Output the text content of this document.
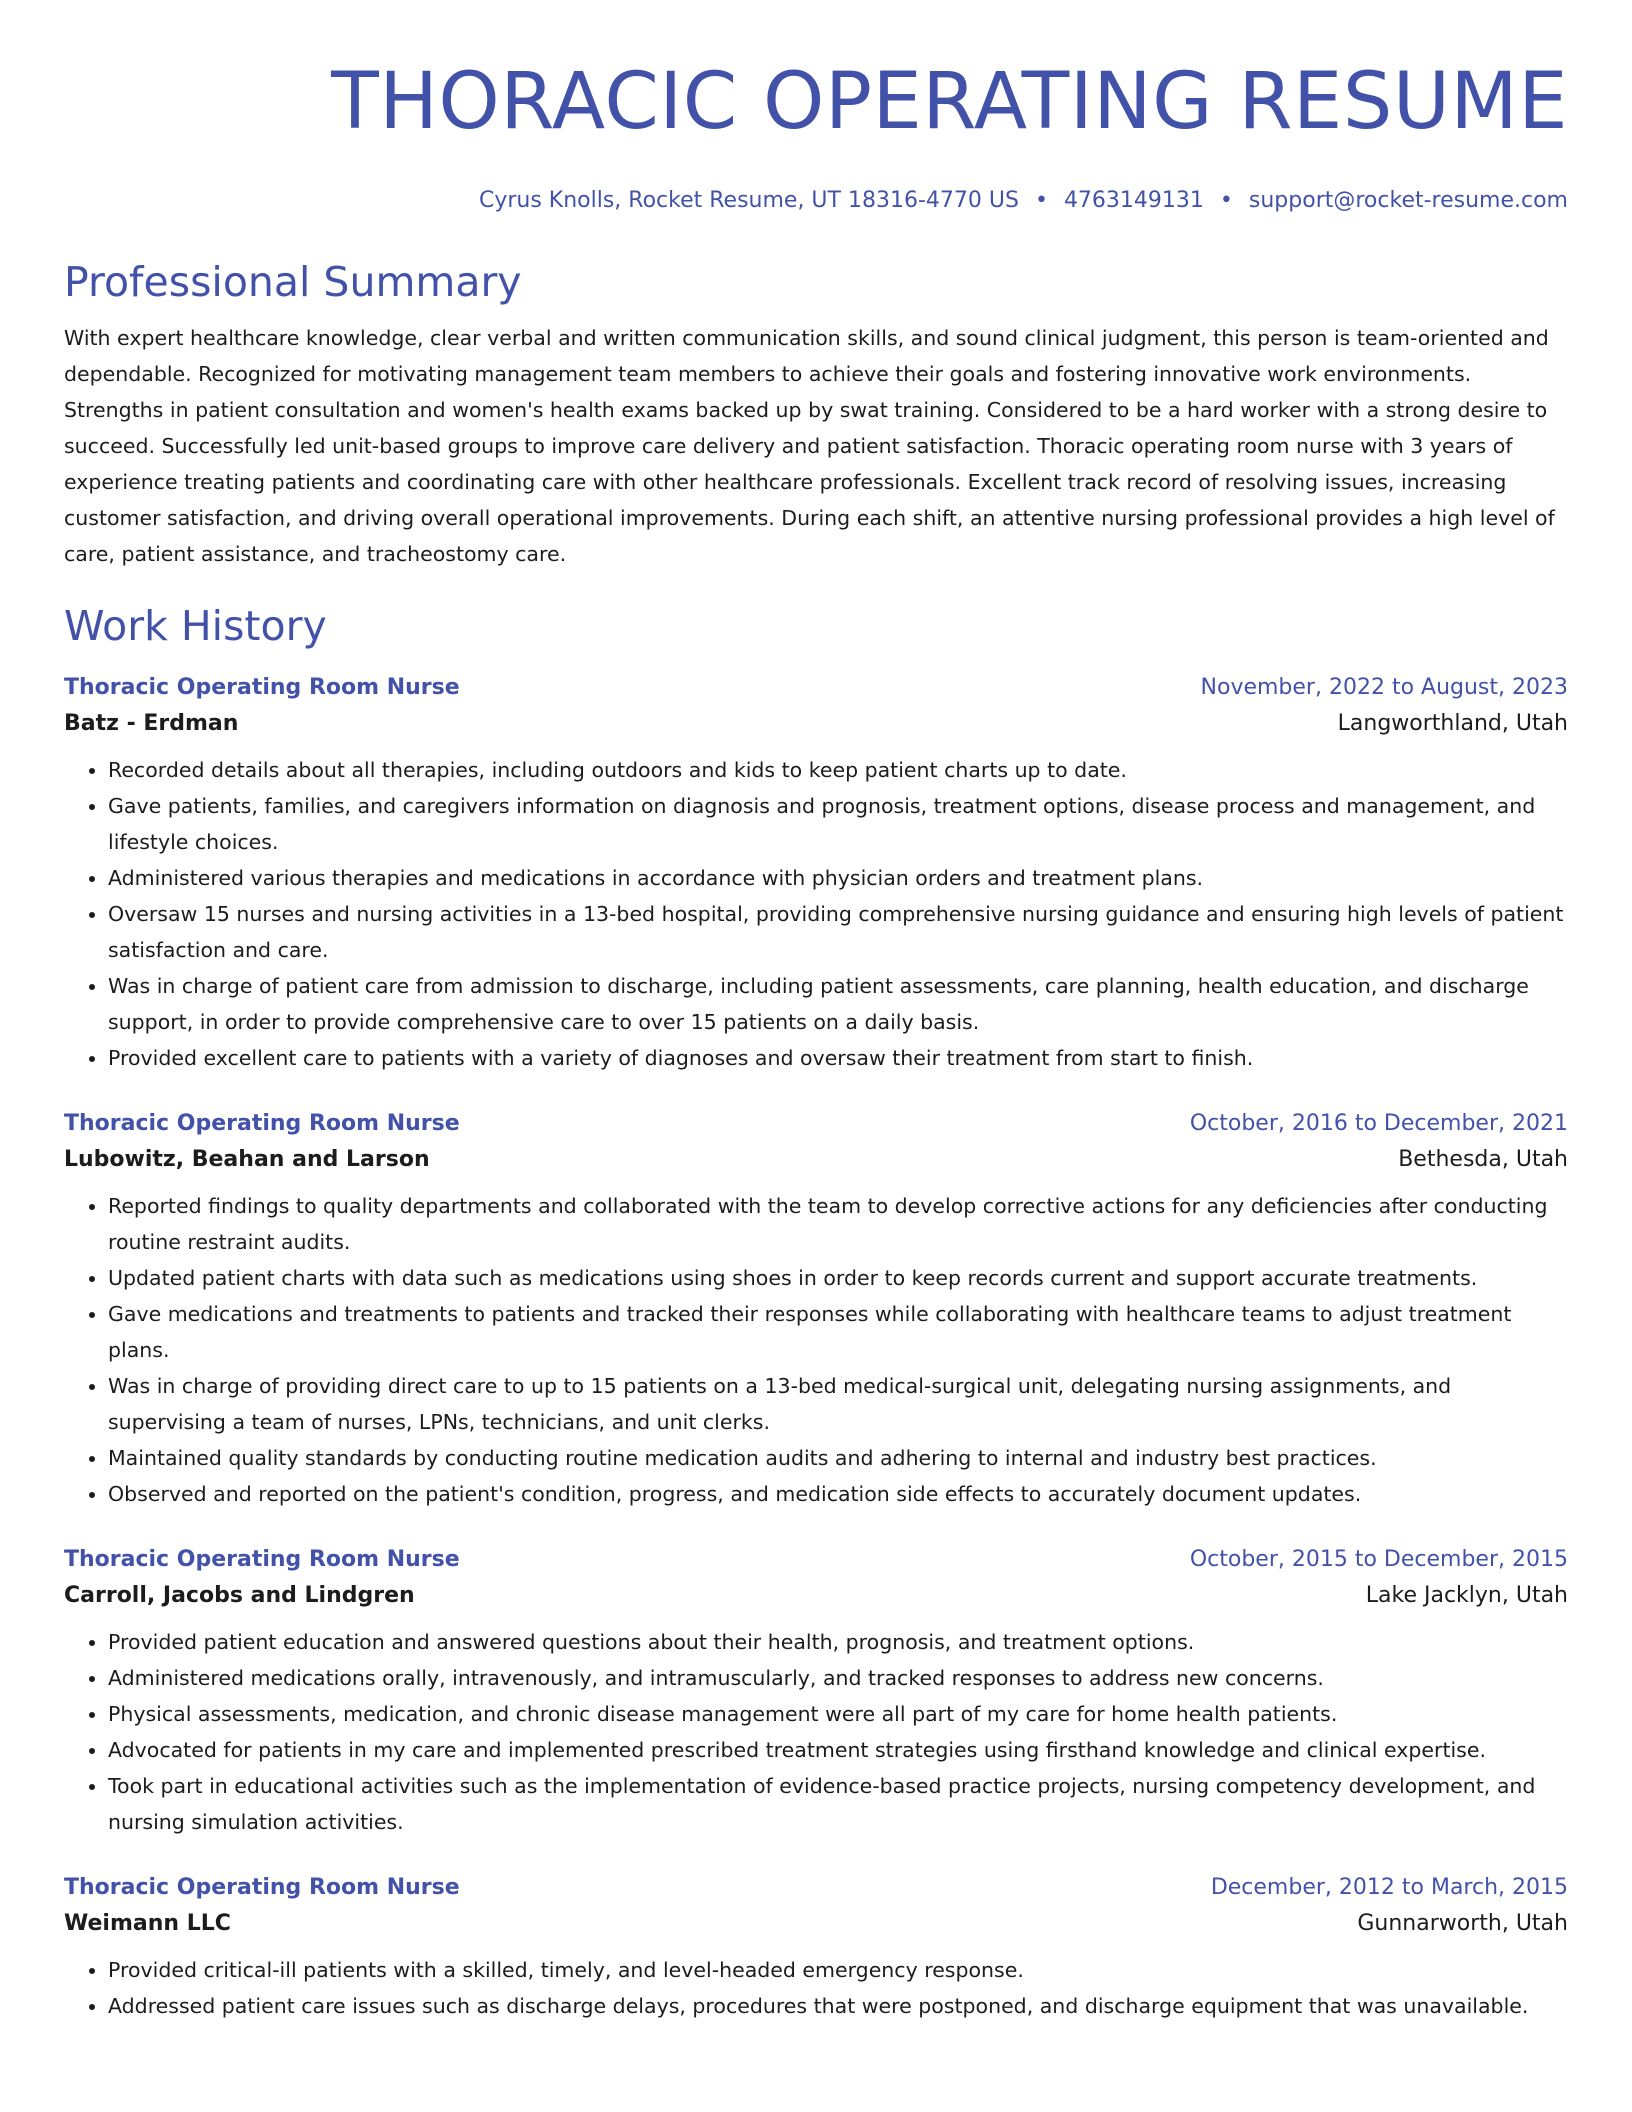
THORACIC OPERATING RESUME
Cyrus Knolls, Rocket Resume, UT 18316-4770 US • 4763149131 • support@rocket-resume.com
Professional Summary

With expert healthcare knowledge, clear verbal and written communication skills, and sound clinical judgment, this person is team-oriented and dependable. Recognized for motivating management team members to achieve their goals and fostering innovative work environments. Strengths in patient consultation and women's health exams backed up by swat training. Considered to be a hard worker with a strong desire to succeed. Successfully led unit-based groups to improve care delivery and patient satisfaction. Thoracic operating room nurse with 3 years of experience treating patients and coordinating care with other healthcare professionals. Excellent track record of resolving issues, increasing customer satisfaction, and driving overall operational improvements. During each shift, an attentive nursing professional provides a high level of care, patient assistance, and tracheostomy care.

Work History
Thoracic Operating Room Nurse	November, 2022 to August, 2023
Batz - Erdman	Langworthland, Utah
• Recorded details about all therapies, including outdoors and kids to keep patient charts up to date.
• Gave patients, families, and caregivers information on diagnosis and prognosis, treatment options, disease process and management, and lifestyle choices.
• Administered various therapies and medications in accordance with physician orders and treatment plans.
• Oversaw 15 nurses and nursing activities in a 13-bed hospital, providing comprehensive nursing guidance and ensuring high levels of patient satisfaction and care.
• Was in charge of patient care from admission to discharge, including patient assessments, care planning, health education, and discharge support, in order to provide comprehensive care to over 15 patients on a daily basis.
• Provided excellent care to patients with a variety of diagnoses and oversaw their treatment from start to finish.
Thoracic Operating Room Nurse	October, 2016 to December, 2021
Lubowitz, Beahan and Larson	Bethesda, Utah
• Reported findings to quality departments and collaborated with the team to develop corrective actions for any deficiencies after conducting routine restraint audits.
• Updated patient charts with data such as medications using shoes in order to keep records current and support accurate treatments.
• Gave medications and treatments to patients and tracked their responses while collaborating with healthcare teams to adjust treatment plans.
• Was in charge of providing direct care to up to 15 patients on a 13-bed medical-surgical unit, delegating nursing assignments, and supervising a team of nurses, LPNs, technicians, and unit clerks.
• Maintained quality standards by conducting routine medication audits and adhering to internal and industry best practices.
• Observed and reported on the patient's condition, progress, and medication side effects to accurately document updates.
Thoracic Operating Room Nurse	October, 2015 to December, 2015
Carroll, Jacobs and Lindgren	Lake Jacklyn, Utah
• Provided patient education and answered questions about their health, prognosis, and treatment options.
• Administered medications orally, intravenously, and intramuscularly, and tracked responses to address new concerns.
• Physical assessments, medication, and chronic disease management were all part of my care for home health patients.
• Advocated for patients in my care and implemented prescribed treatment strategies using firsthand knowledge and clinical expertise.
• Took part in educational activities such as the implementation of evidence-based practice projects, nursing competency development, and nursing simulation activities.
Thoracic Operating Room Nurse	December, 2012 to March, 2015
Weimann LLC	Gunnarworth, Utah
• Provided critical-ill patients with a skilled, timely, and level-headed emergency response.
• Addressed patient care issues such as discharge delays, procedures that were postponed, and discharge equipment that was unavailable.
